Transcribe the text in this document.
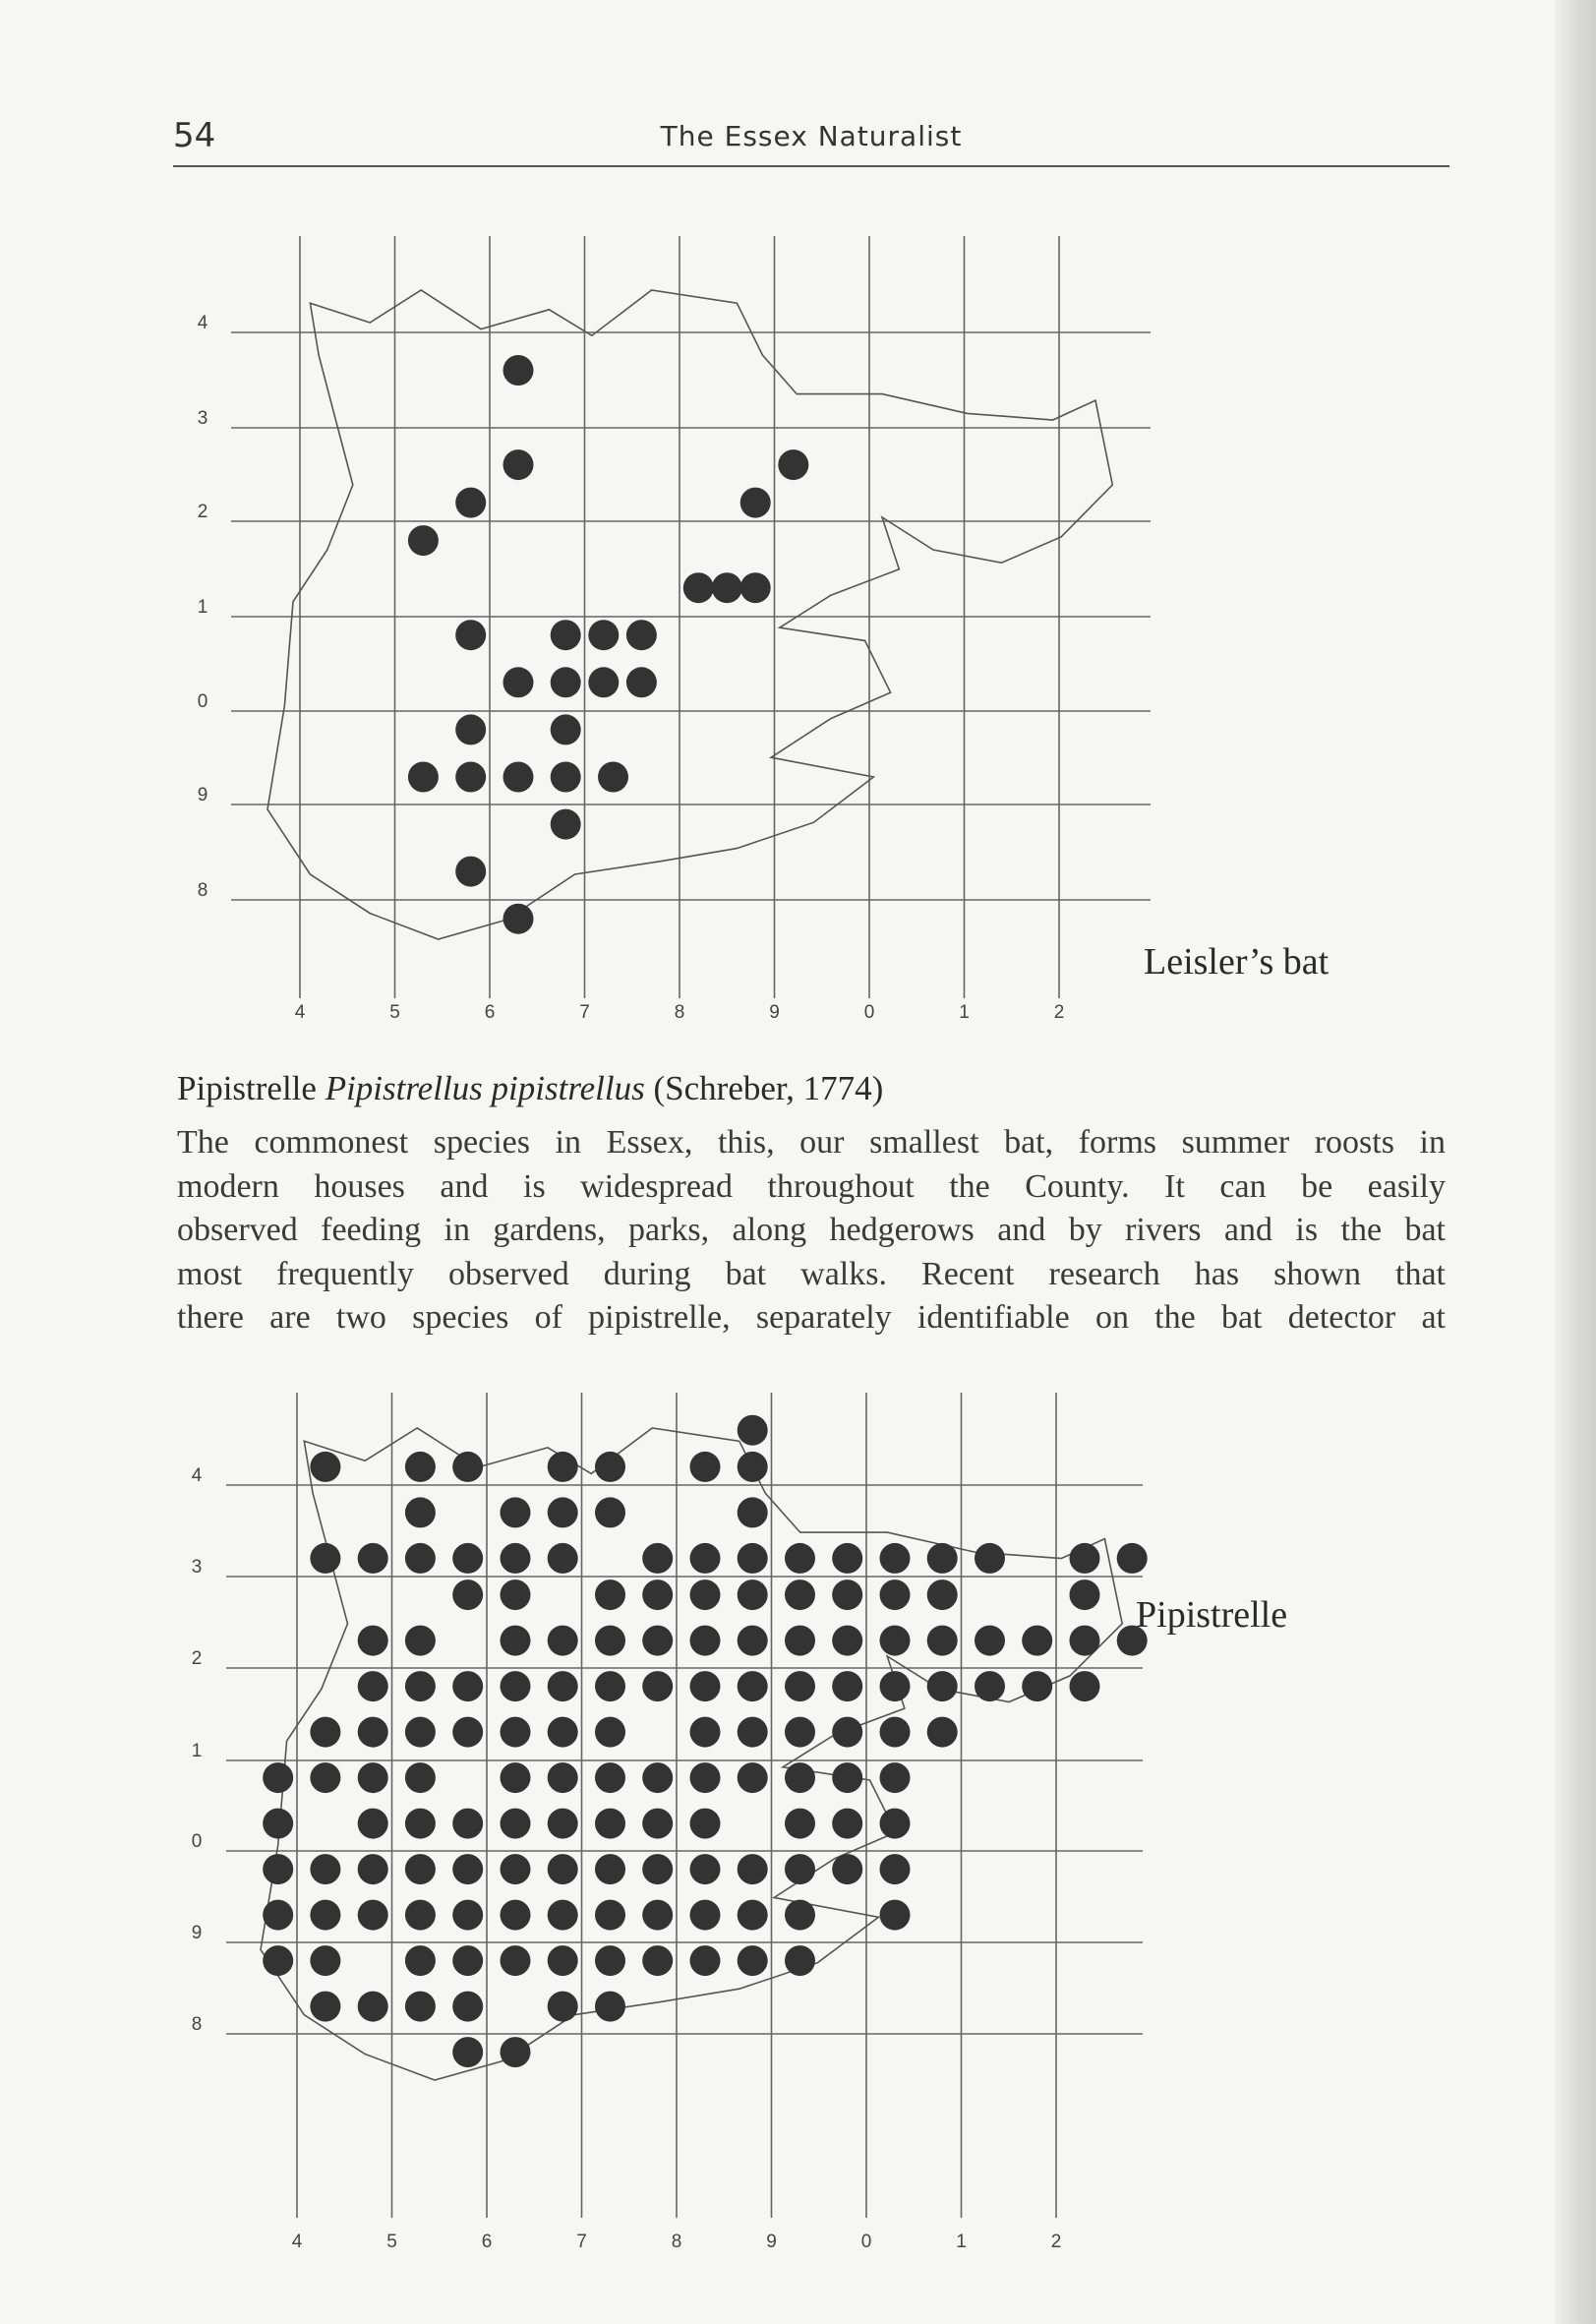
54	The Essex Naturalist
4	5	6	7	8	9	0	1	2
4
3
2
1
0
9
8
Leisler’s bat
Pipistrelle Pipistrellus pipistrellus (Schreber, 1774)
The commonest species in Essex, this, our smallest bat, forms summer roosts in
modern houses and is widespread throughout the County. It can be easily
observed feeding in gardens, parks, along hedgerows and by rivers and is the bat
most frequently observed during bat walks. Recent research has shown that
there are two species of pipistrelle, separately identifiable on the bat detector at
4	5	6	7	8	9	0	1	2
4
3
2
1
0
9
8
Pipistrelle
